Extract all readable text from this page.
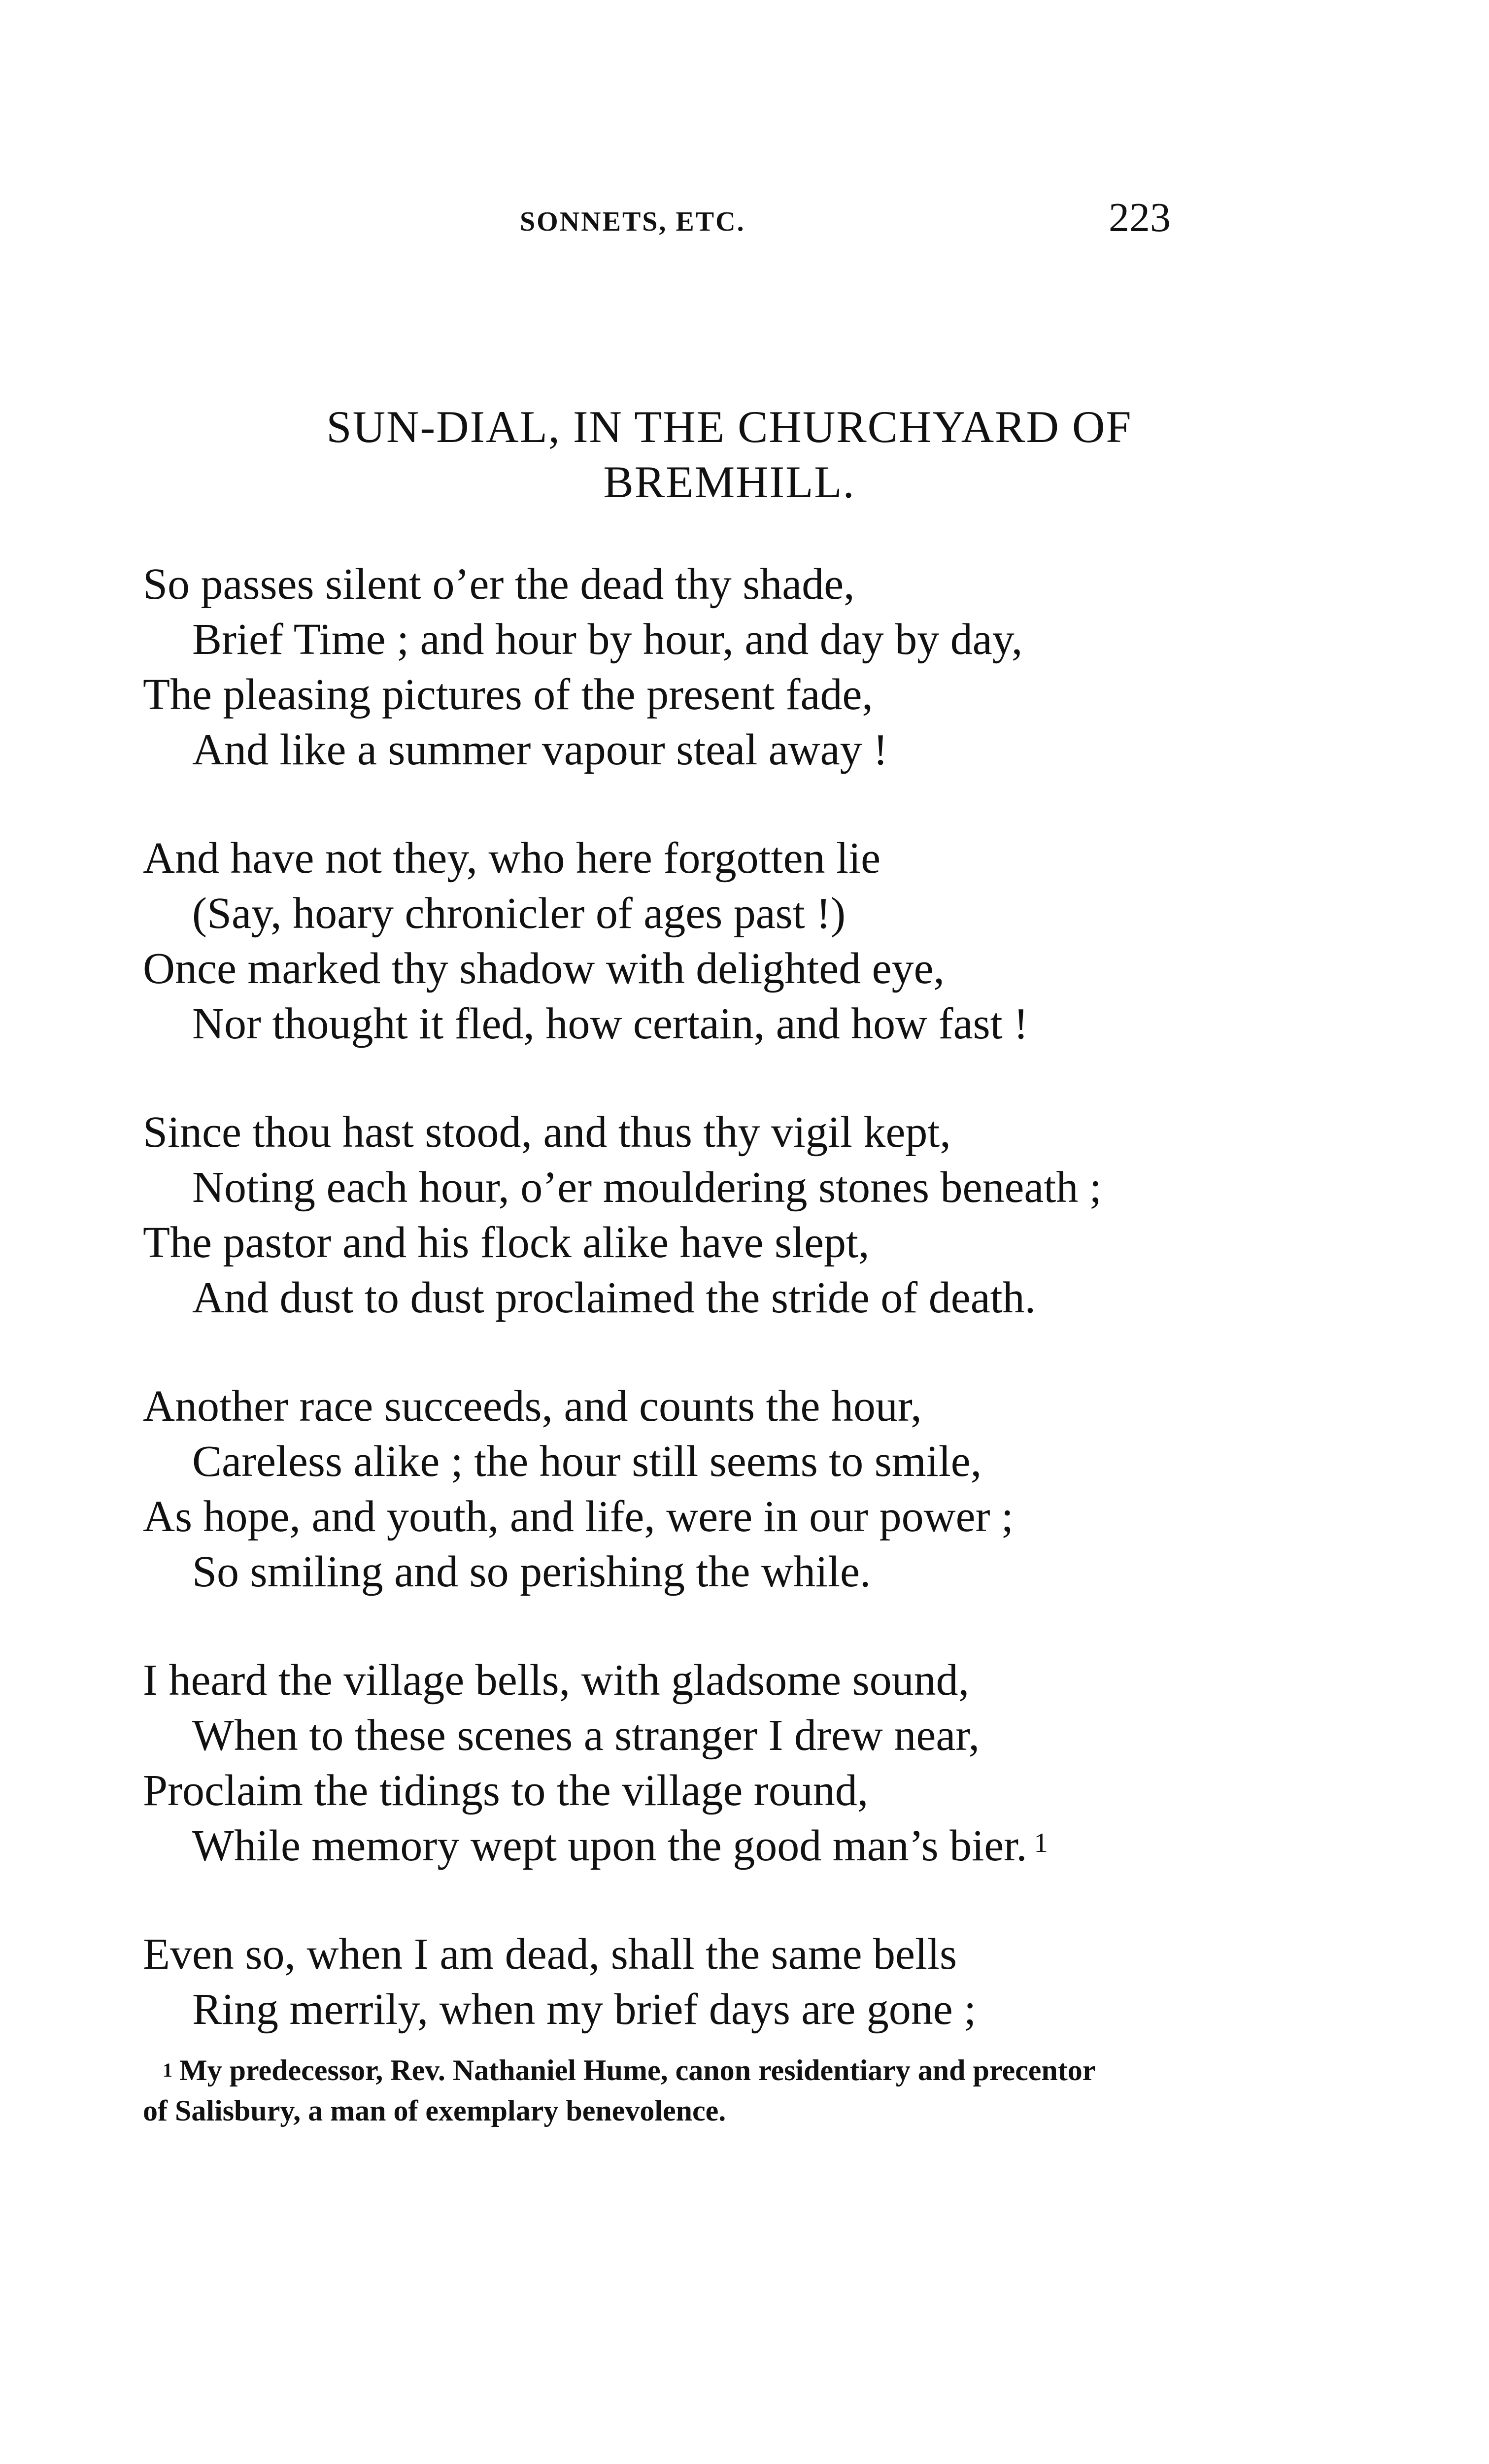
SONNETS, ETC.	223
SUN-DIAL, IN THE CHURCHYARD OF
BREMHILL.
So passes silent o’er the dead thy shade,
Brief Time ; and hour by hour, and day by day,
The pleasing pictures of the present fade,
And like a summer vapour steal away !
And have not they, who here forgotten lie
(Say, hoary chronicler of ages past !)
Once marked thy shadow with delighted eye,
Nor thought it fled, how certain, and how fast !
Since thou hast stood, and thus thy vigil kept,
Noting each hour, o’er mouldering stones beneath ;
The pastor and his flock alike have slept,
And dust to dust proclaimed the stride of death.
Another race succeeds, and counts the hour,
Careless alike ; the hour still seems to smile,
As hope, and youth, and life, were in our power ;
So smiling and so perishing the while.
I heard the village bells, with gladsome sound,
When to these scenes a stranger I drew near,
Proclaim the tidings to the village round,
While memory wept upon the good man’s bier. $^1$
Even so, when I am dead, shall the same bells
Ring merrily, when my brief days are gone ;
$^1$ My predecessor, Rev. Nathaniel Hume, canon residentiary and precentor
of Salisbury, a man of exemplary benevolence.
